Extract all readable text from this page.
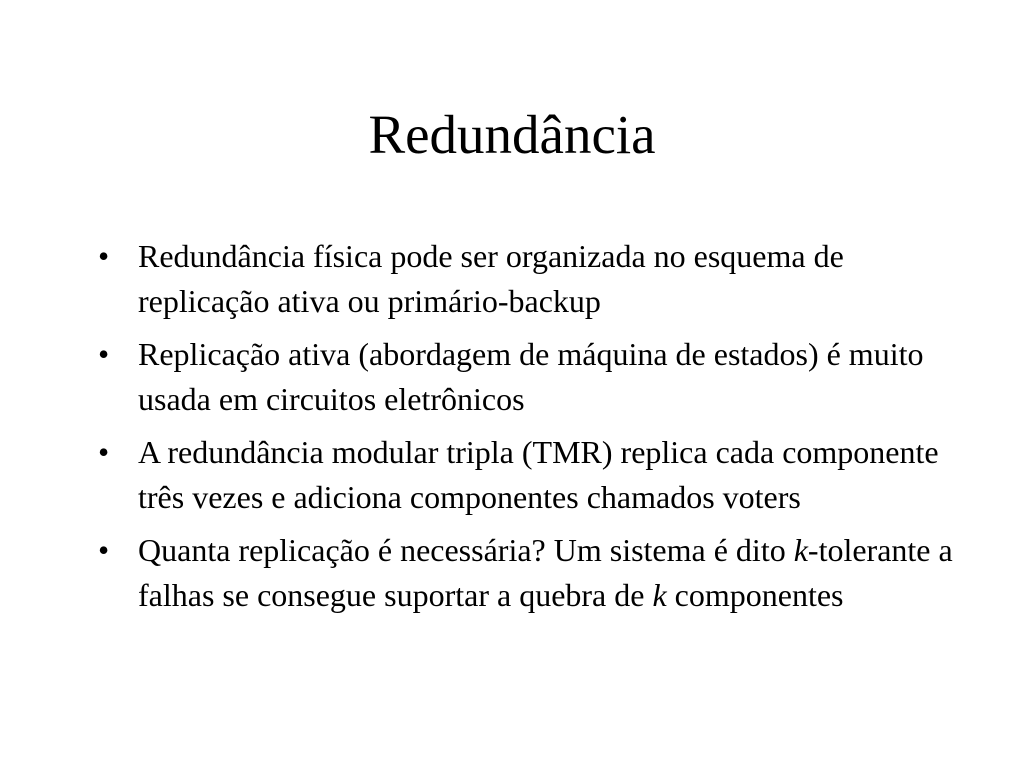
Redundância
• Redundância física pode ser organizada no esquema de replicação ativa ou primário-backup
• Replicação ativa (abordagem de máquina de estados) é muito usada em circuitos eletrônicos
• A redundância modular tripla (TMR) replica cada componente três vezes e adiciona componentes chamados voters
• Quanta replicação é necessária? Um sistema é dito k-tolerante a falhas se consegue suportar a quebra de k componentes
